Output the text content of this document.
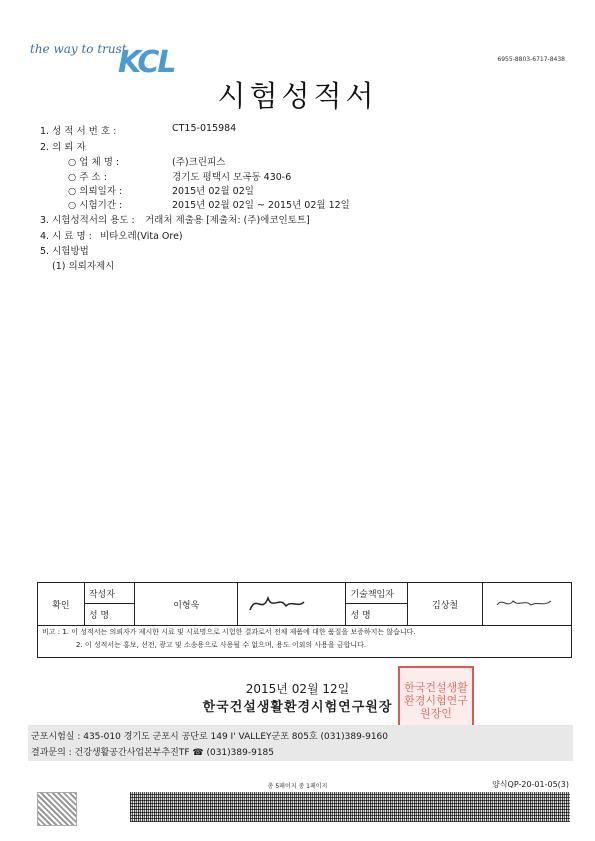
the way to trust
KCL	6955-8803-6717-8438
시험성적서
1. 성 적 서 번 호 :	CT15-015984
2. 의 뢰 자
○ 업 체 명 :	(주)크린피스
○ 주 소 :	경기도 평택시 모곡동 430-6
○ 의뢰일자 :	2015년 02월 02일
○ 시험기간 :	2015년 02월 02일 ~ 2015년 02월 12일
3. 시험성적서의 용도 : 거래처 제출용 [제출처: (주)에코인토트]
4. 시 료 명 : 비타오레(Vita Ore)
5. 시험방법
(1) 의뢰자제시
확인	작성자	이형욱		기술책임자	김상철	
	성 명			성 명		
비고 : 1. 이 성적서는 의뢰자가 제시한 시료 및 시료명으로 시험한 결과로서 전체 제품에 대한 품질을 보증하지는 않습니다.
2. 이 성적서는 홍보, 선전, 광고 및 소송용으로 사용될 수 없으며, 용도 이외의 사용을 금합니다.
2015년 02월 12일
한국건설생활환경시험연구원장
한국건설생활환경시험연구원장인
군포시험실 : 435-010 경기도 군포시 공단로 149 I' VALLEY군포 805호 (031)389-9160
결과문의 : 건강생활공간사업본부추진TF ☎ (031)389-9185
총 5페이지 중 1페이지	양식QP-20-01-05(3)
